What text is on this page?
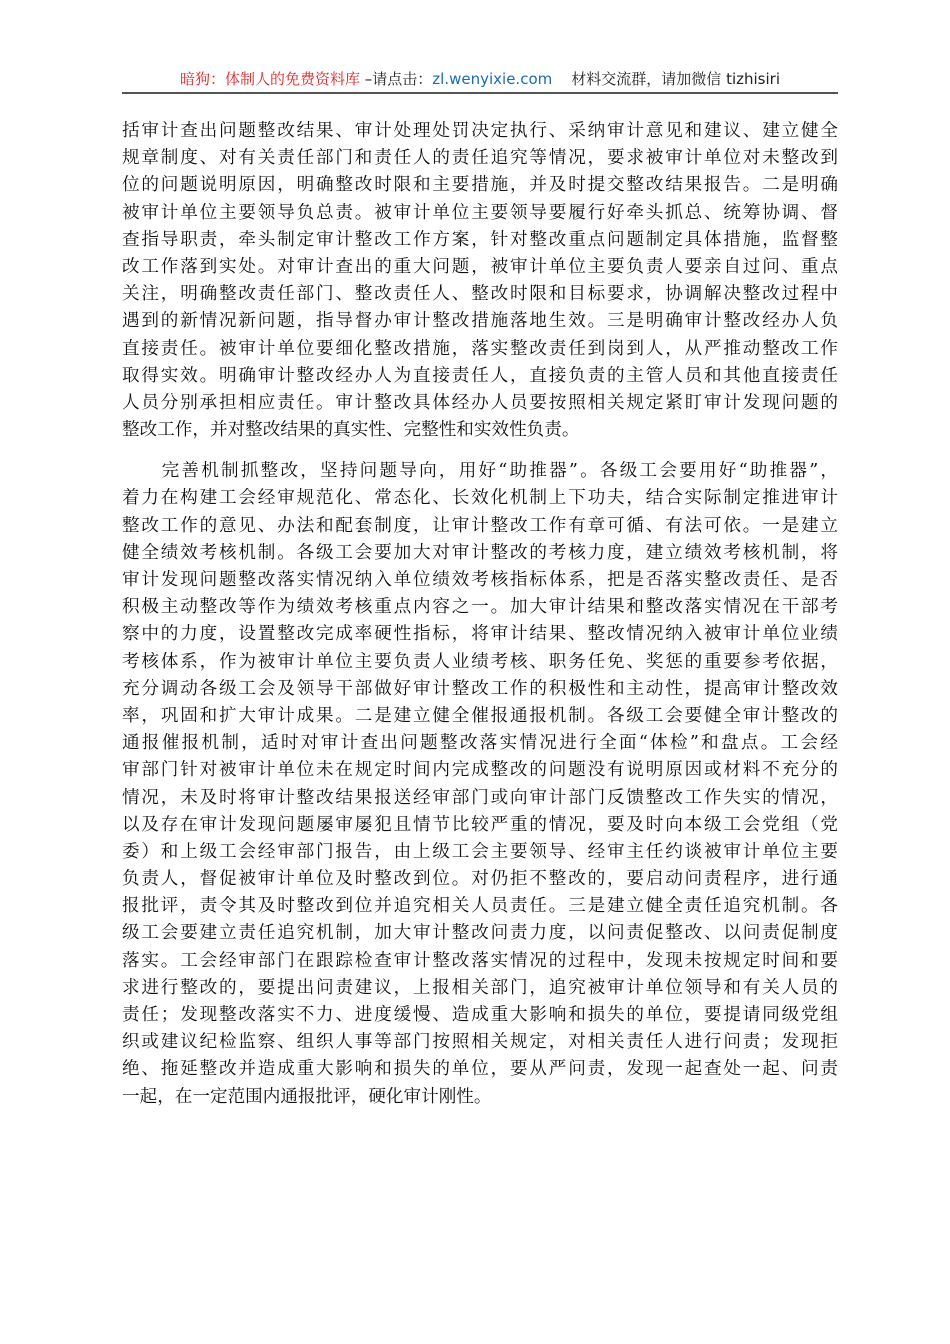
暗狗：体制人的免费资料库 –请点击：zl.wenyixie.com    材料交流群，请加微信 tizhisiri
括审计查出问题整改结果、审计处理处罚决定执行、采纳审计意见和建议、建立健全
规章制度、对有关责任部门和责任人的责任追究等情况，要求被审计单位对未整改到
位的问题说明原因，明确整改时限和主要措施，并及时提交整改结果报告。二是明确
被审计单位主要领导负总责。被审计单位主要领导要履行好牵头抓总、统筹协调、督
查指导职责，牵头制定审计整改工作方案，针对整改重点问题制定具体措施，监督整
改工作落到实处。对审计查出的重大问题，被审计单位主要负责人要亲自过问、重点
关注，明确整改责任部门、整改责任人、整改时限和目标要求，协调解决整改过程中
遇到的新情况新问题，指导督办审计整改措施落地生效。三是明确审计整改经办人负
直接责任。被审计单位要细化整改措施，落实整改责任到岗到人，从严推动整改工作
取得实效。明确审计整改经办人为直接责任人，直接负责的主管人员和其他直接责任
人员分别承担相应责任。审计整改具体经办人员要按照相关规定紧盯审计发现问题的
整改工作，并对整改结果的真实性、完整性和实效性负责。
　　完善机制抓整改，坚持问题导向，用好“助推器”。各级工会要用好“助推器”，
着力在构建工会经审规范化、常态化、长效化机制上下功夫，结合实际制定推进审计
整改工作的意见、办法和配套制度，让审计整改工作有章可循、有法可依。一是建立
健全绩效考核机制。各级工会要加大对审计整改的考核力度，建立绩效考核机制，将
审计发现问题整改落实情况纳入单位绩效考核指标体系，把是否落实整改责任、是否
积极主动整改等作为绩效考核重点内容之一。加大审计结果和整改落实情况在干部考
察中的力度，设置整改完成率硬性指标，将审计结果、整改情况纳入被审计单位业绩
考核体系，作为被审计单位主要负责人业绩考核、职务任免、奖惩的重要参考依据，
充分调动各级工会及领导干部做好审计整改工作的积极性和主动性，提高审计整改效
率，巩固和扩大审计成果。二是建立健全催报通报机制。各级工会要健全审计整改的
通报催报机制，适时对审计查出问题整改落实情况进行全面“体检”和盘点。工会经
审部门针对被审计单位未在规定时间内完成整改的问题没有说明原因或材料不充分的
情况，未及时将审计整改结果报送经审部门或向审计部门反馈整改工作失实的情况，
以及存在审计发现问题屡审屡犯且情节比较严重的情况，要及时向本级工会党组（党
委）和上级工会经审部门报告，由上级工会主要领导、经审主任约谈被审计单位主要
负责人，督促被审计单位及时整改到位。对仍拒不整改的，要启动问责程序，进行通
报批评，责令其及时整改到位并追究相关人员责任。三是建立健全责任追究机制。各
级工会要建立责任追究机制，加大审计整改问责力度，以问责促整改、以问责促制度
落实。工会经审部门在跟踪检查审计整改落实情况的过程中，发现未按规定时间和要
求进行整改的，要提出问责建议，上报相关部门，追究被审计单位领导和有关人员的
责任；发现整改落实不力、进度缓慢、造成重大影响和损失的单位，要提请同级党组
织或建议纪检监察、组织人事等部门按照相关规定，对相关责任人进行问责；发现拒
绝、拖延整改并造成重大影响和损失的单位，要从严问责，发现一起查处一起、问责
一起，在一定范围内通报批评，硬化审计刚性。
